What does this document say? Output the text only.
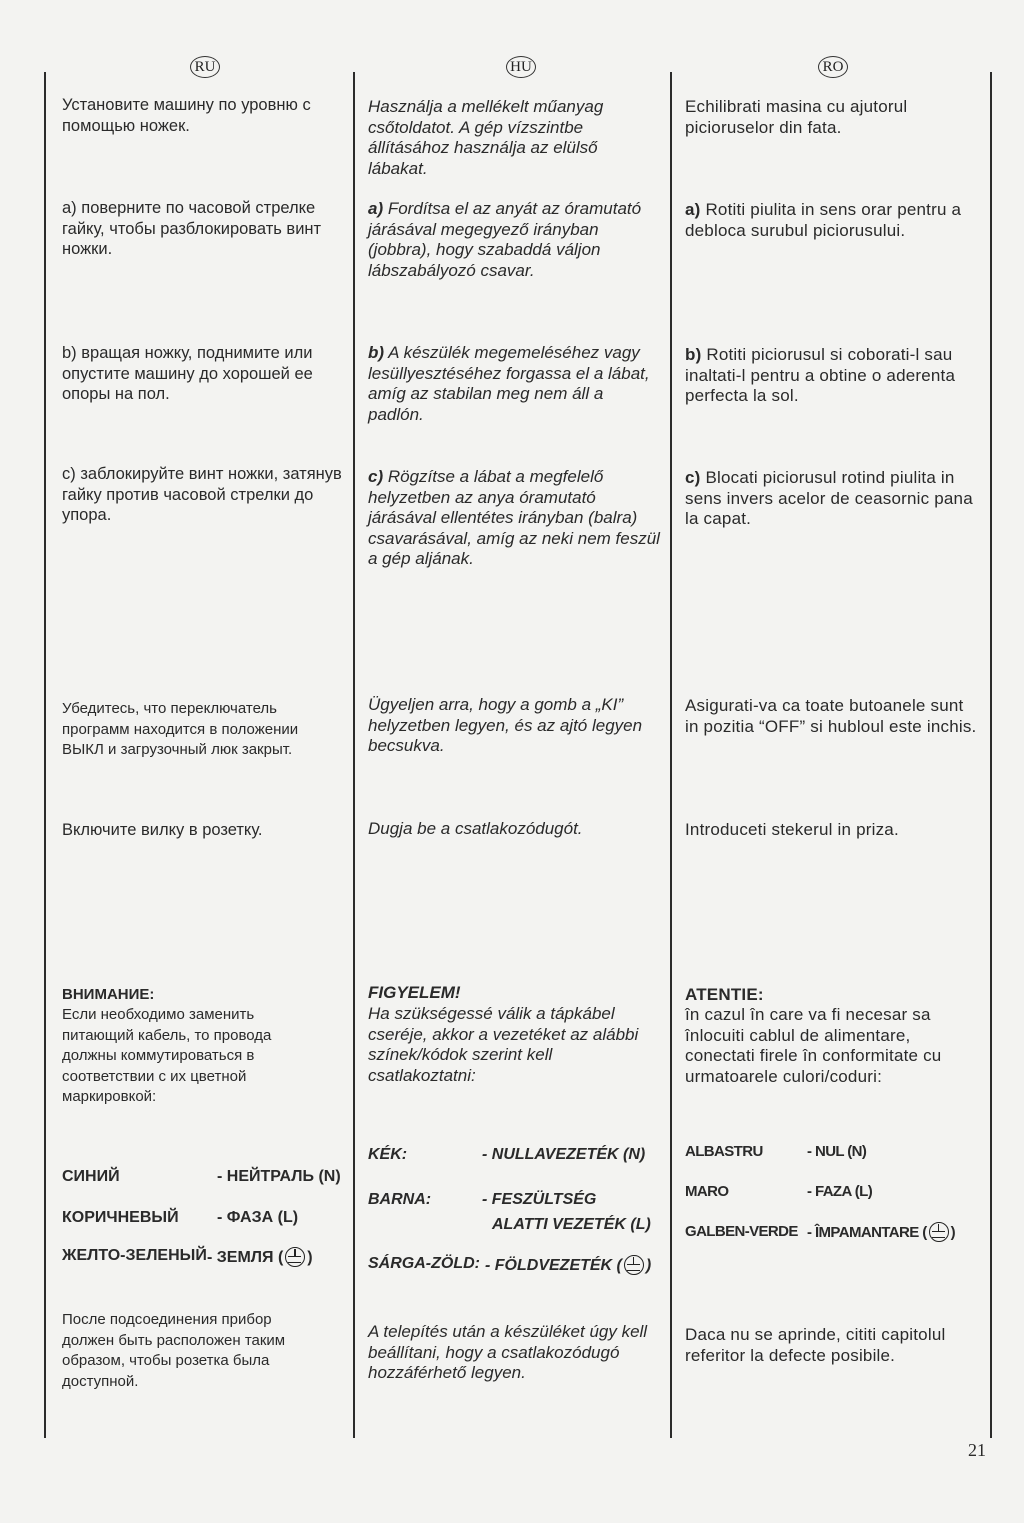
RU

Установите машину по уровню с помощью ножек.

а) поверните по часовой стрелке гайку, чтобы разблокировать винт ножки.

b) вращая ножку, поднимите или опустите машину до хорошей ее опоры на пол.

с) заблокируйте винт ножки, затянув гайку против часовой стрелки до упора.

Убедитесь, что переключатель программ находится в положении ВЫКЛ и загрузочный люк закрыт.

Включите вилку в розетку.

ВНИМАНИЕ:

Если необходимо заменить питающий кабель, то провода должны коммутироваться в соответствии с их цветной маркировкой:

СИНИЙ	- НЕЙТРАЛЬ (N)
КОРИЧНЕВЫЙ - ФАЗА (L)
ЖЕЛТО-ЗЕЛЕНЫЙ - ЗЕМЛЯ ( )

После подсоединения прибор должен быть расположен таким образом, чтобы розетка была доступной.

HU

Használja a mellékelt műanyag csőtoldatot. A gép vízszintbe állításához használja az elülső lábakat.

a) Fordítsa el az anyát az óramutató járásával megegyező irányban (jobbra), hogy szabaddá váljon lábszabályozó csavar.

b) A készülék megemeléséhez vagy lesüllyesztéséhez forgassa el a lábat, amíg az stabilan meg nem áll a padlón.

c) Rögzítse a lábat a megfelelő helyzetben az anya óramutató járásával ellentétes irányban (balra) csavarásával, amíg az neki nem feszül a gép aljának.

Ügyeljen arra, hogy a gomb a „KI” helyzetben legyen, és az ajtó legyen becsukva.

Dugja be a csatlakozódugót.

FIGYELEM!

Ha szükségessé válik a tápkábel cseréje, akkor a vezetéket az alábbi színek/kódok szerint kell csatlakoztatni:

KÉK:	- NULLAVEZETÉK (N)
BARNA:	- FESZÜLTSÉG
ALATTI VEZETÉK (L)
SÁRGA-ZÖLD: - FÖLDVEZETÉK ( )

A telepítés után a készüléket úgy kell beállítani, hogy a csatlakozódugó hozzáférhető legyen.

RO

Echilibrati masina cu ajutorul picioruselor din fata.

a) Rotiti piulita in sens orar pentru a debloca surubul piciorusului.

b) Rotiti piciorusul si coborati-l sau inaltati-l pentru a obtine o aderenta perfecta la sol.

c) Blocati piciorusul rotind piulita in sens invers acelor de ceasornic pana la capat.

Asigurati-va ca toate butoanele sunt in pozitia “OFF” si hubloul este inchis.

Introduceti stekerul in priza.

ATENTIE:

în cazul în care va fi necesar sa înlocuiti cablul de alimentare, conectati firele în conformitate cu urmatoarele culori/coduri:

ALBASTRU	- NUL (N)
MARO	- FAZA (L)
GALBEN-VERDE - ÎMPAMANTARE ( )

Daca nu se aprinde, cititi capitolul referitor la defecte posibile.

21
